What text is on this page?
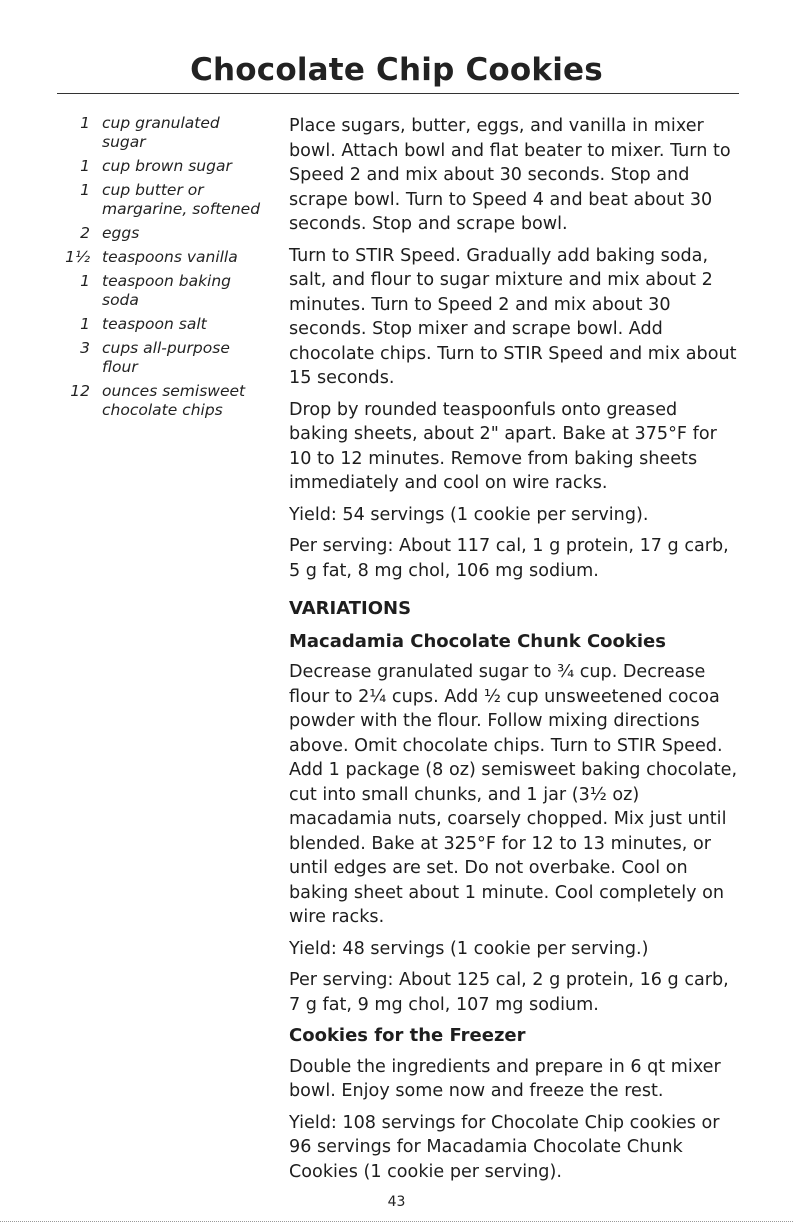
Chocolate Chip Cookies
1 cup granulated sugar
1 cup brown sugar
1 cup butter or margarine, softened
2 eggs
1½ teaspoons vanilla
1 teaspoon baking soda
1 teaspoon salt
3 cups all-purpose flour
12 ounces semisweet chocolate chips

Place sugars, butter, eggs, and vanilla in mixer bowl. Attach bowl and flat beater to mixer. Turn to Speed 2 and mix about 30 seconds. Stop and scrape bowl. Turn to Speed 4 and beat about 30 seconds. Stop and scrape bowl.

Turn to STIR Speed. Gradually add baking soda, salt, and flour to sugar mixture and mix about 2 minutes. Turn to Speed 2 and mix about 30 seconds. Stop mixer and scrape bowl. Add chocolate chips. Turn to STIR Speed and mix about 15 seconds.

Drop by rounded teaspoonfuls onto greased baking sheets, about 2" apart. Bake at 375°F for 10 to 12 minutes. Remove from baking sheets immediately and cool on wire racks.

Yield: 54 servings (1 cookie per serving).

Per serving: About 117 cal, 1 g protein, 17 g carb, 5 g fat, 8 mg chol, 106 mg sodium.

VARIATIONS
Macadamia Chocolate Chunk Cookies

Decrease granulated sugar to ¾ cup. Decrease flour to 2¼ cups. Add ½ cup unsweetened cocoa powder with the flour. Follow mixing directions above. Omit chocolate chips. Turn to STIR Speed. Add 1 package (8 oz) semisweet baking chocolate, cut into small chunks, and 1 jar (3½ oz) macadamia nuts, coarsely chopped. Mix just until blended. Bake at 325°F for 12 to 13 minutes, or until edges are set. Do not overbake. Cool on baking sheet about 1 minute. Cool completely on wire racks.

Yield: 48 servings (1 cookie per serving.)

Per serving: About 125 cal, 2 g protein, 16 g carb, 7 g fat, 9 mg chol, 107 mg sodium.

Cookies for the Freezer

Double the ingredients and prepare in 6 qt mixer bowl. Enjoy some now and freeze the rest.

Yield: 108 servings for Chocolate Chip cookies or 96 servings for Macadamia Chocolate Chunk Cookies (1 cookie per serving).

43
